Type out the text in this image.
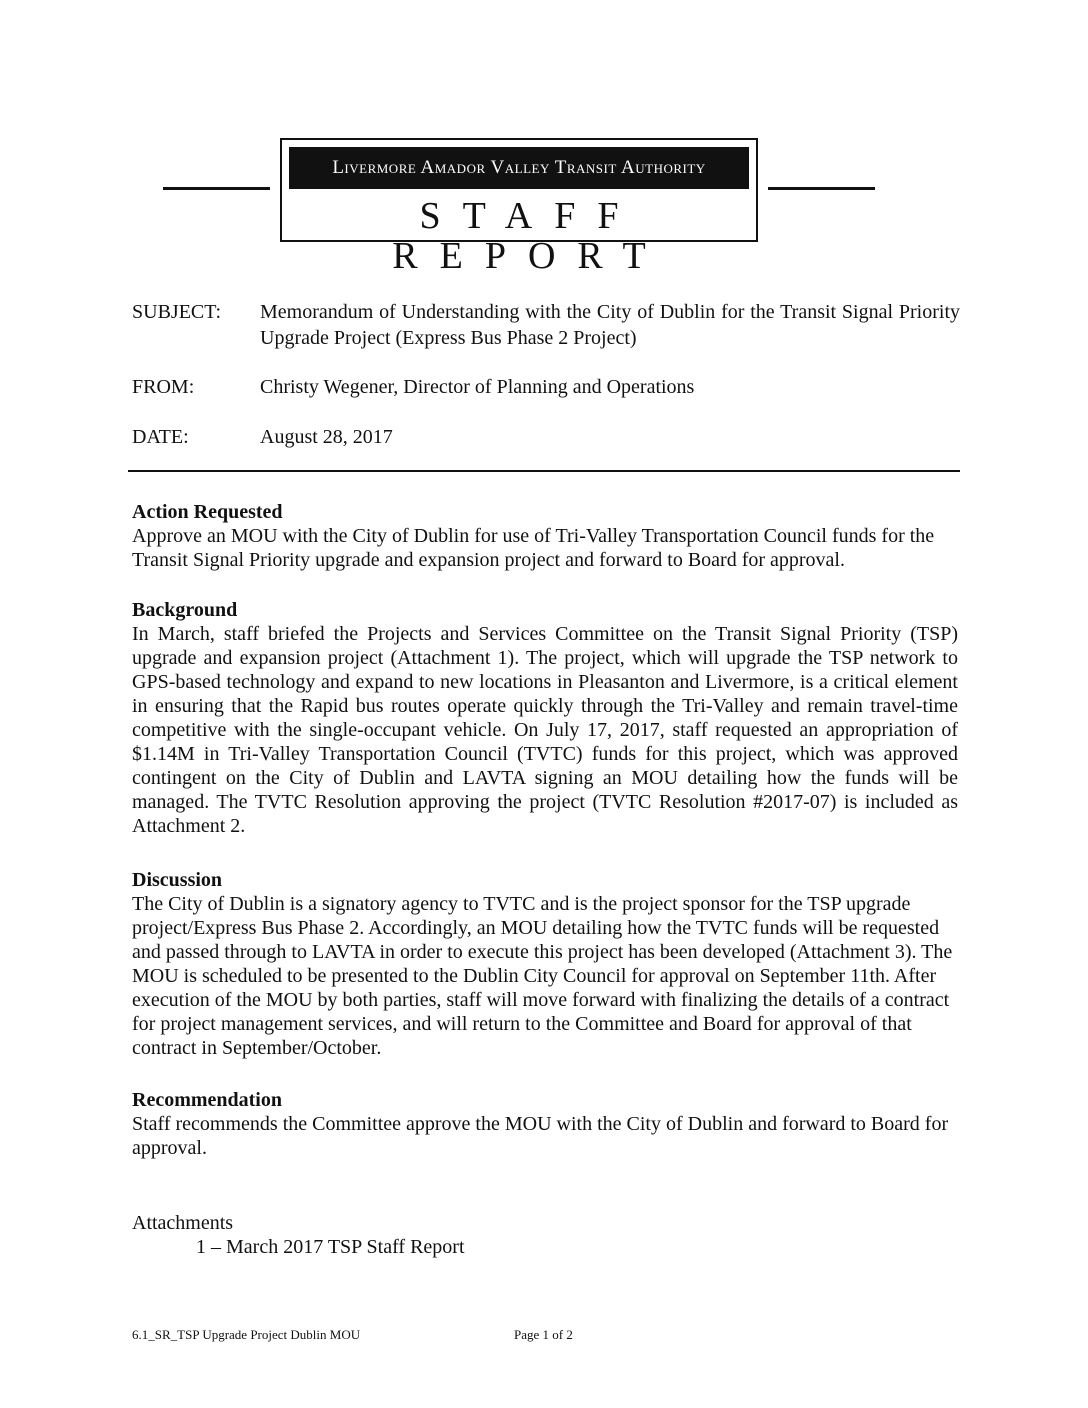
Livermore Amador Valley Transit Authority
STAFF REPORT
SUBJECT:	Memorandum of Understanding with the City of Dublin for the Transit Signal Priority Upgrade Project (Express Bus Phase 2 Project)
FROM:	Christy Wegener, Director of Planning and Operations
DATE:	August 28, 2017
Action Requested

Approve an MOU with the City of Dublin for use of Tri-Valley Transportation Council funds for the Transit Signal Priority upgrade and expansion project and forward to Board for approval.

Background

In March, staff briefed the Projects and Services Committee on the Transit Signal Priority (TSP) upgrade and expansion project (Attachment 1). The project, which will upgrade the TSP network to GPS-based technology and expand to new locations in Pleasanton and Livermore, is a critical element in ensuring that the Rapid bus routes operate quickly through the Tri-Valley and remain travel-time competitive with the single-occupant vehicle. On July 17, 2017, staff requested an appropriation of $1.14M in Tri-Valley Transportation Council (TVTC) funds for this project, which was approved contingent on the City of Dublin and LAVTA signing an MOU detailing how the funds will be managed. The TVTC Resolution approving the project (TVTC Resolution #2017-07) is included as Attachment 2.

Discussion

The City of Dublin is a signatory agency to TVTC and is the project sponsor for the TSP upgrade project/Express Bus Phase 2. Accordingly, an MOU detailing how the TVTC funds will be requested and passed through to LAVTA in order to execute this project has been developed (Attachment 3). The MOU is scheduled to be presented to the Dublin City Council for approval on September 11th. After execution of the MOU by both parties, staff will move forward with finalizing the details of a contract for project management services, and will return to the Committee and Board for approval of that contract in September/October.

Recommendation

Staff recommends the Committee approve the MOU with the City of Dublin and forward to Board for approval.

Attachments
1 – March 2017 TSP Staff Report
6.1_SR_TSP Upgrade Project Dublin MOU	Page 1 of 2
